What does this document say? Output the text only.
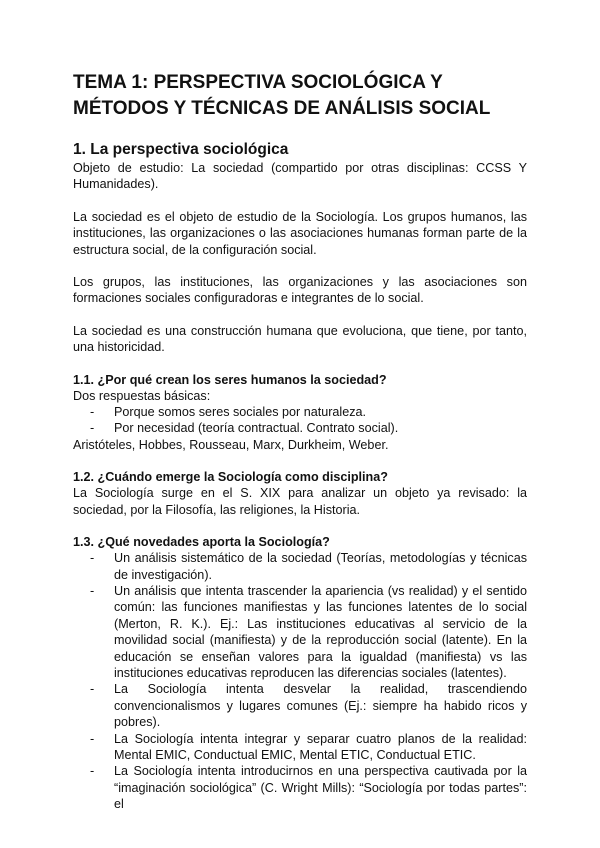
TEMA 1: PERSPECTIVA SOCIOLÓGICA Y MÉTODOS Y TÉCNICAS DE ANÁLISIS SOCIAL
1. La perspectiva sociológica

Objeto de estudio: La sociedad (compartido por otras disciplinas: CCSS Y Humanidades).

La sociedad es el objeto de estudio de la Sociología. Los grupos humanos, las instituciones, las organizaciones o las asociaciones humanas forman parte de la estructura social, de la configuración social.

Los grupos, las instituciones, las organizaciones y las asociaciones son formaciones sociales configuradoras e integrantes de lo social.

La sociedad es una construcción humana que evoluciona, que tiene, por tanto, una historicidad.

1.1. ¿Por qué crean los seres humanos la sociedad?

Dos respuestas básicas:

- Porque somos seres sociales por naturaleza.
- Por necesidad (teoría contractual. Contrato social).

Aristóteles, Hobbes, Rousseau, Marx, Durkheim, Weber.

1.2. ¿Cuándo emerge la Sociología como disciplina?

La Sociología surge en el S. XIX para analizar un objeto ya revisado: la sociedad, por la Filosofía, las religiones, la Historia.

1.3. ¿Qué novedades aporta la Sociología?
- Un análisis sistemático de la sociedad (Teorías, metodologías y técnicas de investigación).
- Un análisis que intenta trascender la apariencia (vs realidad) y el sentido común: las funciones manifiestas y las funciones latentes de lo social (Merton, R. K.). Ej.: Las instituciones educativas al servicio de la movilidad social (manifiesta) y de la reproducción social (latente). En la educación se enseñan valores para la igualdad (manifiesta) vs las instituciones educativas reproducen las diferencias sociales (latentes).
- La Sociología intenta desvelar la realidad, trascendiendo convencionalismos y lugares comunes (Ej.: siempre ha habido ricos y pobres).
- La Sociología intenta integrar y separar cuatro planos de la realidad: Mental EMIC, Conductual EMIC, Mental ETIC, Conductual ETIC.
- La Sociología intenta introducirnos en una perspectiva cautivada por la “imaginación sociológica” (C. Wright Mills): “Sociología por todas partes”: el
